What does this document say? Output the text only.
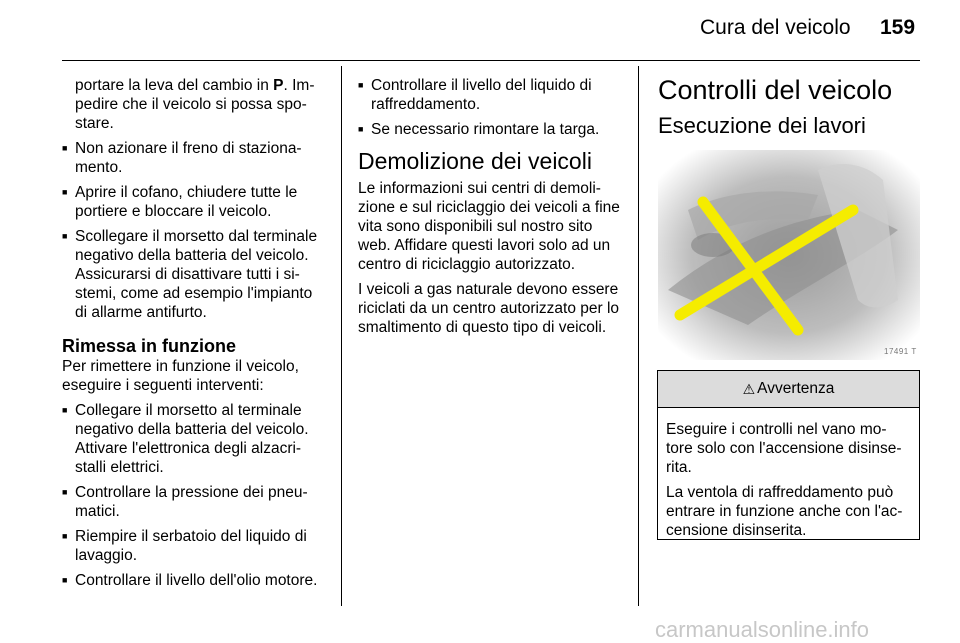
Cura del veicolo 159

portare la leva del cambio in P. Im-pedire che il veicolo si possa spo-stare.

■ Non azionare il freno di staziona-mento.
■ Aprire il cofano, chiudere tutte le portiere e bloccare il veicolo.
■ Scollegare il morsetto dal terminale negativo della batteria del veicolo. Assicurarsi di disattivare tutti i si-stemi, come ad esempio l'impianto di allarme antifurto.
Rimessa in funzione

Per rimettere in funzione il veicolo, eseguire i seguenti interventi:

■ Collegare il morsetto al terminale negativo della batteria del veicolo. Attivare l'elettronica degli alzacri-stalli elettrici.
■ Controllare la pressione dei pneu-matici.
■ Riempire il serbatoio del liquido di lavaggio.
■ Controllare il livello dell'olio motore.
■ Controllare il livello del liquido di raffreddamento.
■ Se necessario rimontare la targa.
Demolizione dei veicoli

Le informazioni sui centri di demoli-zione e sul riciclaggio dei veicoli a fine vita sono disponibili sul nostro sito web. Affidare questi lavori solo ad un centro di riciclaggio autorizzato.

I veicoli a gas naturale devono essere riciclati da un centro autorizzato per lo smaltimento di questo tipo di veicoli.

Controlli del veicolo
Esecuzione dei lavori
17491 T
⚠ Avvertenza

Eseguire i controlli nel vano mo-tore solo con l'accensione disinse-rita.

La ventola di raffreddamento può entrare in funzione anche con l'ac-censione disinserita.

carmanualsonline.info
